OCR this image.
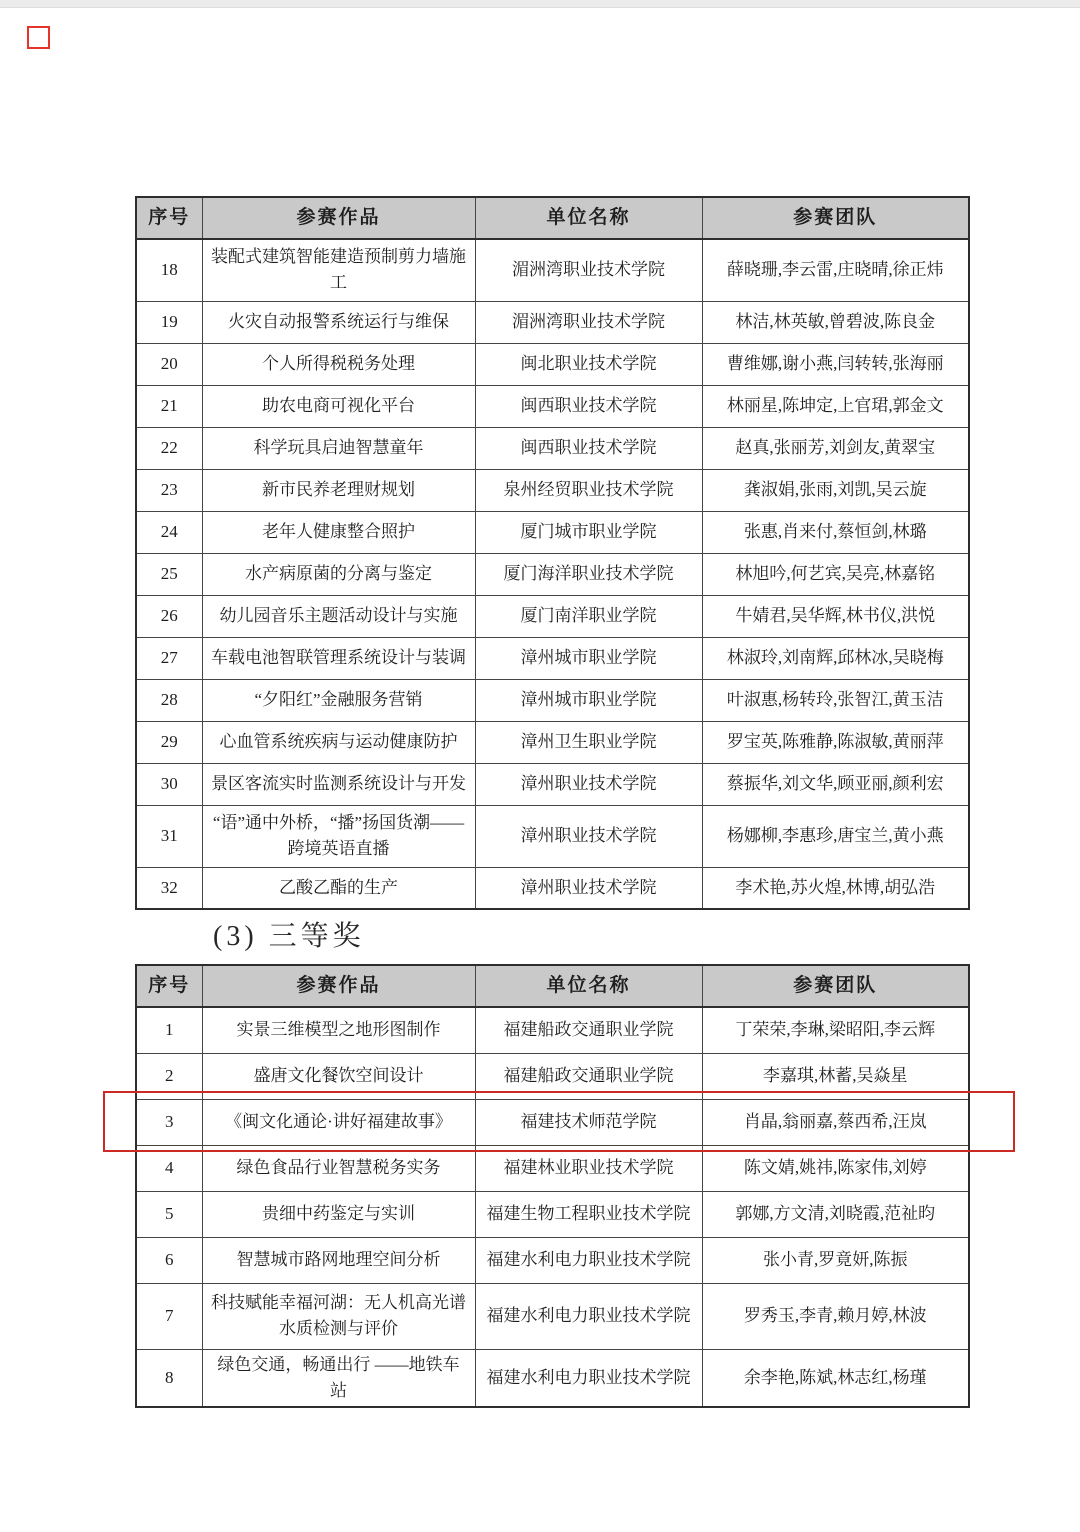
序号	参赛作品	单位名称	参赛团队
18	装配式建筑智能建造预制剪力墙施工	湄洲湾职业技术学院	薛晓珊,李云雷,庄晓晴,徐正炜
19	火灾自动报警系统运行与维保	湄洲湾职业技术学院	林洁,林英敏,曾碧波,陈良金
20	个人所得税税务处理	闽北职业技术学院	曹维娜,谢小燕,闫转转,张海丽
21	助农电商可视化平台	闽西职业技术学院	林丽星,陈坤定,上官珺,郭金文
22	科学玩具启迪智慧童年	闽西职业技术学院	赵真,张丽芳,刘剑友,黄翠宝
23	新市民养老理财规划	泉州经贸职业技术学院	龚淑娟,张雨,刘凯,吴云旋
24	老年人健康整合照护	厦门城市职业学院	张惠,肖来付,蔡恒剑,林璐
25	水产病原菌的分离与鉴定	厦门海洋职业技术学院	林旭吟,何艺宾,吴亮,林嘉铭
26	幼儿园音乐主题活动设计与实施	厦门南洋职业学院	牛婧君,吴华辉,林书仪,洪悦
27	车载电池智联管理系统设计与装调	漳州城市职业学院	林淑玲,刘南辉,邱林冰,吴晓梅
28	“夕阳红”金融服务营销	漳州城市职业学院	叶淑惠,杨转玲,张智江,黄玉洁
29	心血管系统疾病与运动健康防护	漳州卫生职业学院	罗宝英,陈雅静,陈淑敏,黄丽萍
30	景区客流实时监测系统设计与开发	漳州职业技术学院	蔡振华,刘文华,顾亚丽,颜利宏
31	“语”通中外桥，“播”扬国货潮——跨境英语直播	漳州职业技术学院	杨娜柳,李惠珍,唐宝兰,黄小燕
32	乙酸乙酯的生产	漳州职业技术学院	李术艳,苏火煌,林博,胡弘浩
(3) 三等奖
序号	参赛作品	单位名称	参赛团队
1	实景三维模型之地形图制作	福建船政交通职业学院	丁荣荣,李琳,梁昭阳,李云辉
2	盛唐文化餐饮空间设计	福建船政交通职业学院	李嘉琪,林蓄,吴焱星
3	《闽文化通论·讲好福建故事》	福建技术师范学院	肖晶,翁丽嘉,蔡西希,汪岚
4	绿色食品行业智慧税务实务	福建林业职业技术学院	陈文婧,姚祎,陈家伟,刘婷
5	贵细中药鉴定与实训	福建生物工程职业技术学院	郭娜,方文清,刘晓霞,范祉昀
6	智慧城市路网地理空间分析	福建水利电力职业技术学院	张小青,罗竟妍,陈振
7	科技赋能幸福河湖：无人机高光谱水质检测与评价	福建水利电力职业技术学院	罗秀玉,李青,赖月婷,林波
8	绿色交通，畅通出行 ——地铁车站	福建水利电力职业技术学院	余李艳,陈斌,林志红,杨瑾
